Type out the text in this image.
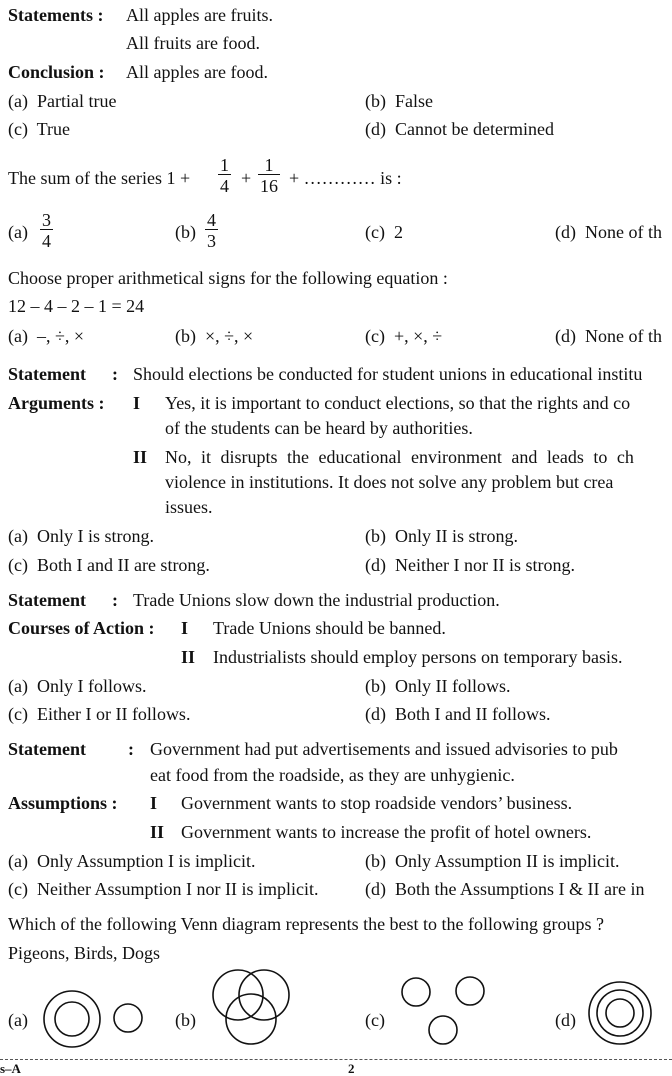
Statements : All apples are fruits.
All fruits are food.
Conclusion : All apples are food.
(a) Partial true	(b) False
(c) True	(d) Cannot be determined
The sum of the series $1 + \frac{1}{4} + \frac{1}{16}$ + ………… is :
$(a) \frac{3}{4}$	$(b) \frac{4}{3}$	(c) 2	(d) None of th
Choose proper arithmetical signs for the following equation :
12 – 4 – 2 – 1 = 24
(a) –, ÷, ×	(b) ×, ÷, ×	(c) +, ×, ÷	(d) None of th
Statement : Should elections be conducted for student unions in educational institu
Arguments : I Yes, it is important to conduct elections, so that the rights and co
of the students can be heard by authorities.
II No, it disrupts the educational environment and leads to ch
violence in institutions. It does not solve any problem but crea
issues.
(a) Only I is strong.	(b) Only II is strong.
(c) Both I and II are strong.	(d) Neither I nor II is strong.
Statement : Trade Unions slow down the industrial production.
Courses of Action : I Trade Unions should be banned.
II Industrialists should employ persons on temporary basis.
(a) Only I follows.	(b) Only II follows.
(c) Either I or II follows.	(d) Both I and II follows.
Statement : Government had put advertisements and issued advisories to pub
eat food from the roadside, as they are unhygienic.
Assumptions : I Government wants to stop roadside vendors’ business.
II Government wants to increase the profit of hotel owners.
(a) Only Assumption I is implicit.	(b) Only Assumption II is implicit.
(c) Neither Assumption I nor II is implicit.	(d) Both the Assumptions I & II are in
Which of the following Venn diagram represents the best to the following groups ?
Pigeons, Birds, Dogs
(a)	(b)	(c)	(d)
s–A	2
